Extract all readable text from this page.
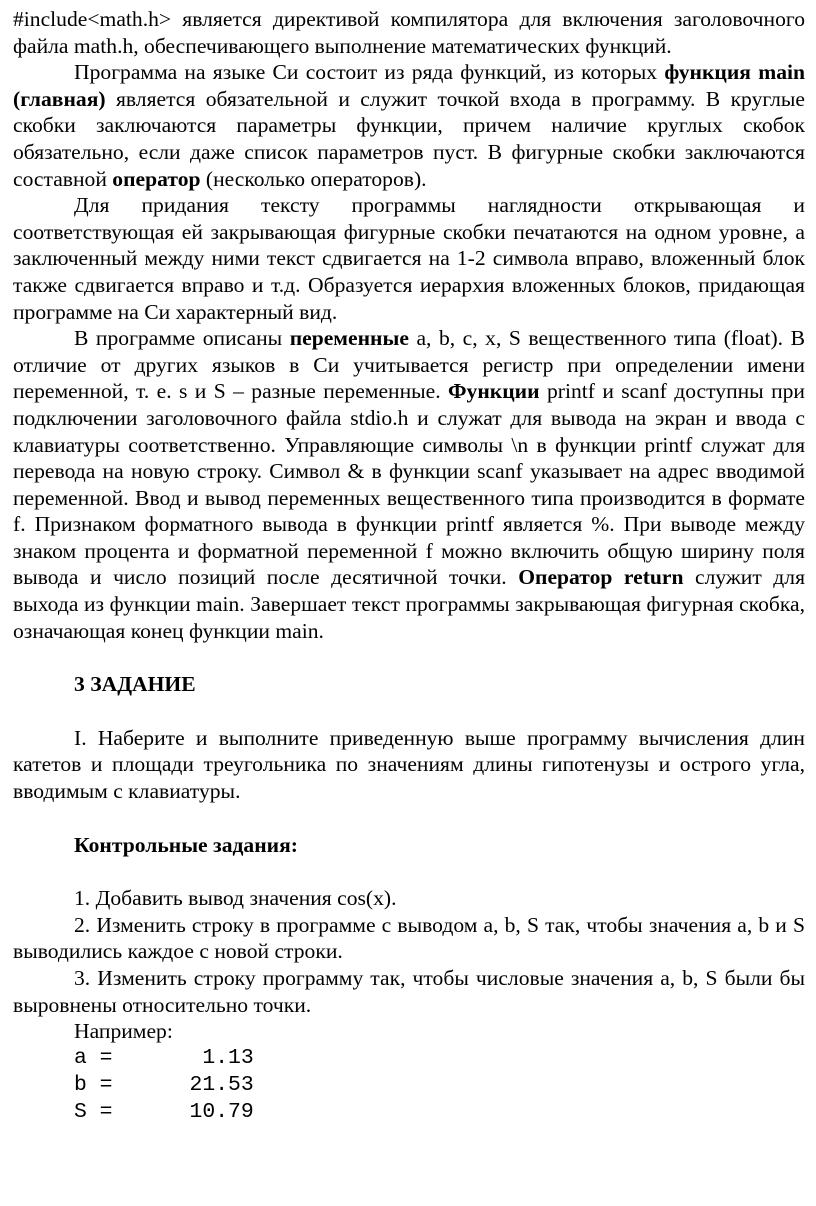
#include<math.h> является директивой компилятора для включения заголовочного файла math.h, обеспечивающего выполнение математических функций.

Программа на языке Си состоит из ряда функций, из которых функция main (главная) является обязательной и служит точкой входа в программу. В круглые скобки заключаются параметры функции, причем наличие круглых скобок обязательно, если даже список параметров пуст. В фигурные скобки заключаются составной оператор (несколько операторов).

Для придания тексту программы наглядности открывающая и соответствующая ей закрывающая фигурные скобки печатаются на одном уровне, а заключенный между ними текст сдвигается на 1-2 символа вправо, вложенный блок также сдвигается вправо и т.д. Образуется иерархия вложенных блоков, придающая программе на Си характерный вид.

В программе описаны переменные a, b, c, x, S вещественного типа (float). В отличие от других языков в Си учитывается регистр при определении имени переменной, т. е. s и S – разные переменные. Функции printf и scanf доступны при подключении заголовочного файла stdio.h и служат для вывода на экран и ввода с клавиатуры соответственно. Управляющие символы \n в функции printf служат для перевода на новую строку. Символ & в функции scanf указывает на адрес вводимой переменной. Ввод и вывод переменных вещественного типа производится в формате f. Признаком форматного вывода в функции printf является %. При выводе между знаком процента и форматной переменной f можно включить общую ширину поля вывода и число позиций после десятичной точки. Оператор return служит для выхода из функции main. Завершает текст программы закрывающая фигурная скобка, означающая конец функции main.

3 ЗАДАНИЕ

I. Наберите и выполните приведенную выше программу вычисления длин катетов и площади треугольника по значениям длины гипотенузы и острого угла, вводимым с клавиатуры.

Контрольные задания:

1. Добавить вывод значения cos(x).

2. Изменить строку в программе с выводом a, b, S так, чтобы значения a, b и S выводились каждое с новой строки.

3. Изменить строку программу так, чтобы числовые значения a, b, S были бы выровнены относительно точки.

Например:

a =       1.13
b =      21.53
S =      10.79
